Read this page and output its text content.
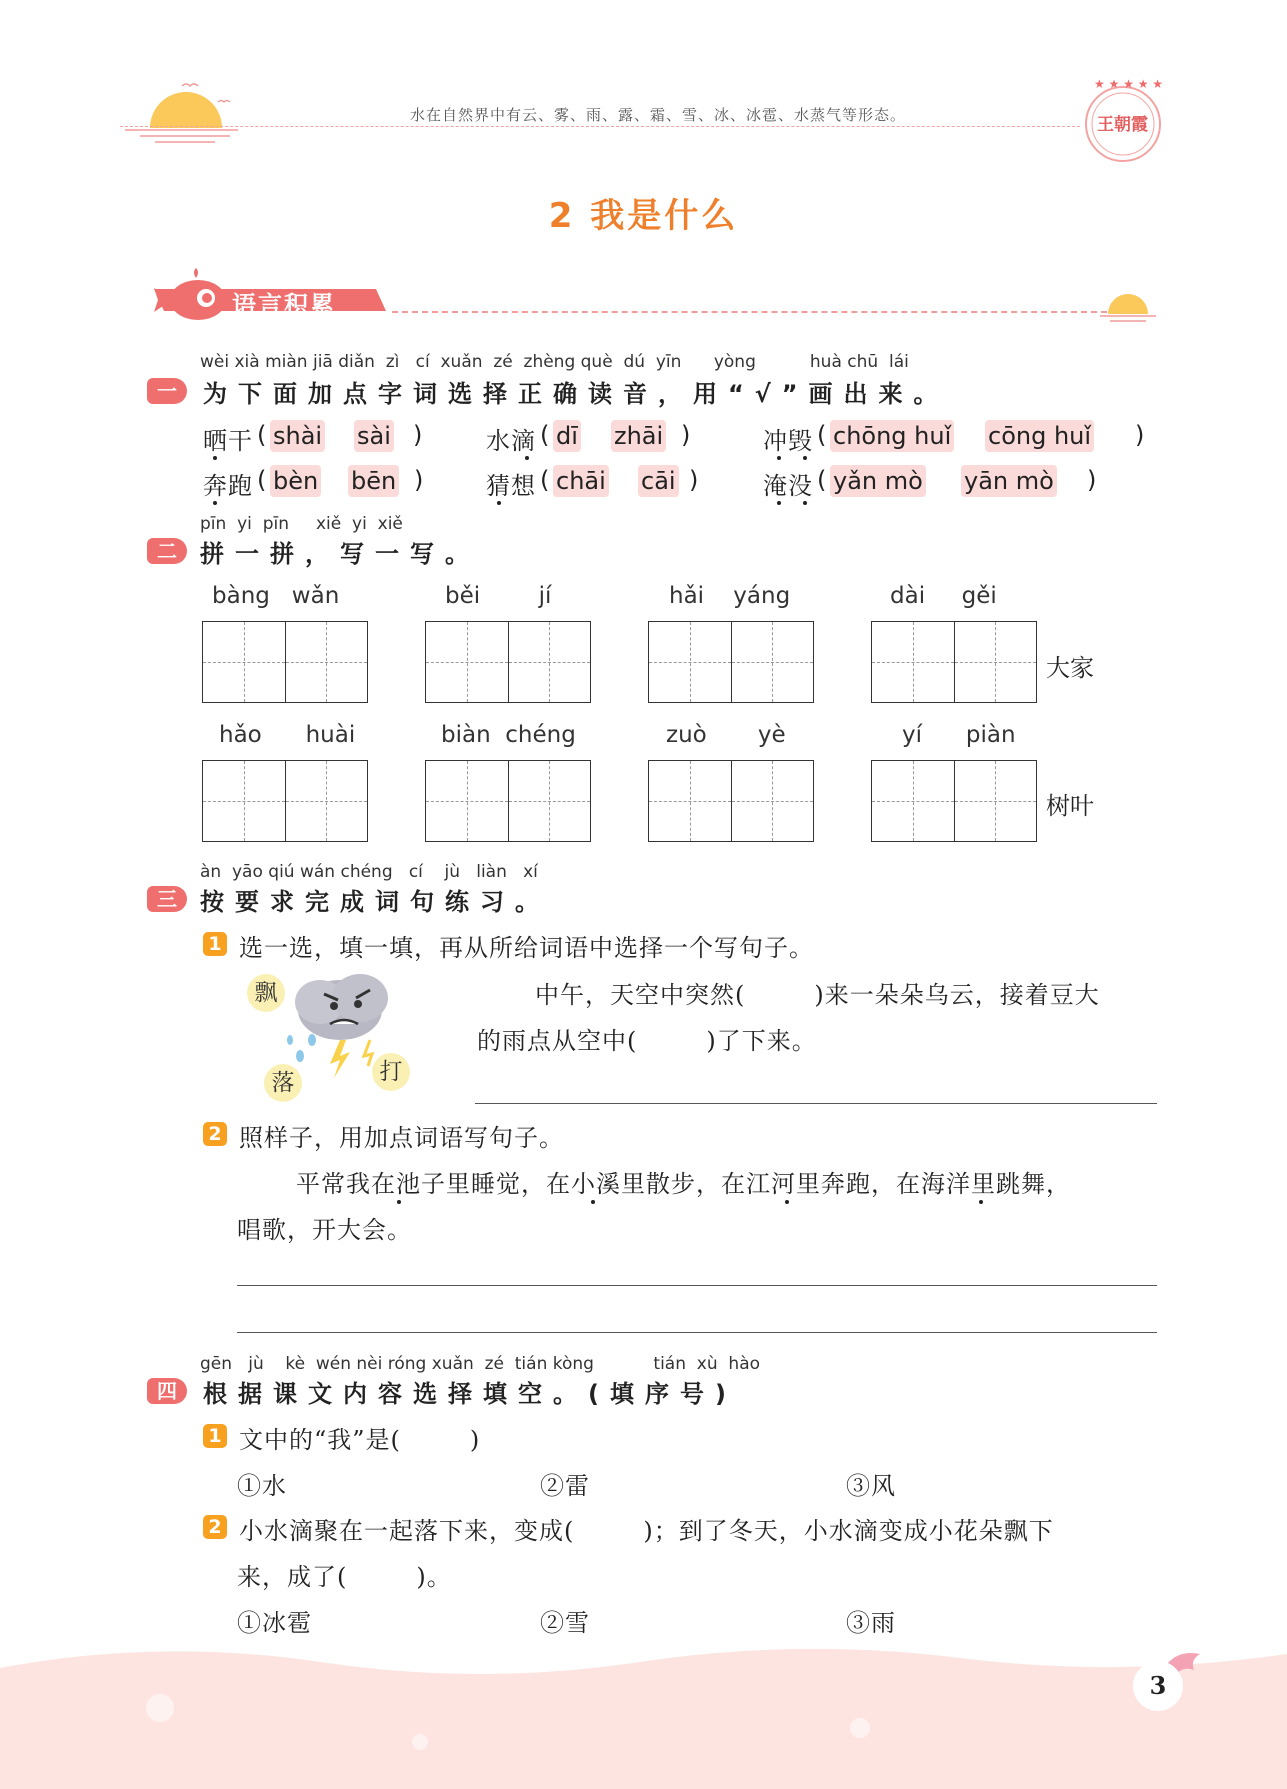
水在自然界中有云、雾、雨、露、霜、雪、冰、冰雹、水蒸气等形态。
★ ★ ★ ★ ★
王朝霞
2 我是什么
语言积累
wèi xià miàn jiā diǎn  zì   cí  xuǎn  zé  zhèng què  dú  yīn      yòng          huà chū  lái
一	为下面加点字词选择正确读音，用“√”画出来。
晒干 ( shài sài )	水滴 ( dī zhāi )	冲毁 ( chōng huǐ cōng huǐ )
奔跑 ( bèn bēn )	猜想 ( chāi cāi )	淹没 ( yǎn mò yān mò )
pīn  yi  pīn     xiě  yi  xiě
二 拼一拼，写一写。
bàng   wǎn	běi        jí	hǎi    yáng	dài     gěi
大家
hǎo      huài	biàn  chéng	zuò       yè	yí      piàn
树叶
àn  yāo qiú wán chéng   cí    jù   liàn   xí
三 按要求完成词句练习。
1 选一选，填一填，再从所给词语中选择一个写句子。
飘
落	打
中午，天空中突然(        )来一朵朵乌云，接着豆大
的雨点从空中(        )了下来。
2 照样子，用加点词语写句子。
平常我在池子里睡觉，在小溪里散步，在江河里奔跑，在海洋里跳舞，
唱歌，开大会。
gēn   jù    kè  wén nèi róng xuǎn  zé  tián kòng           tián  xù  hào
四	根据课文内容选择填空。(填序号)
1 文中的“我”是(        )
①水	②雷	③风
2 小水滴聚在一起落下来，变成(        )；到了冬天，小水滴变成小花朵飘下
来，成了(        )。
①冰雹	②雪	③雨
3
